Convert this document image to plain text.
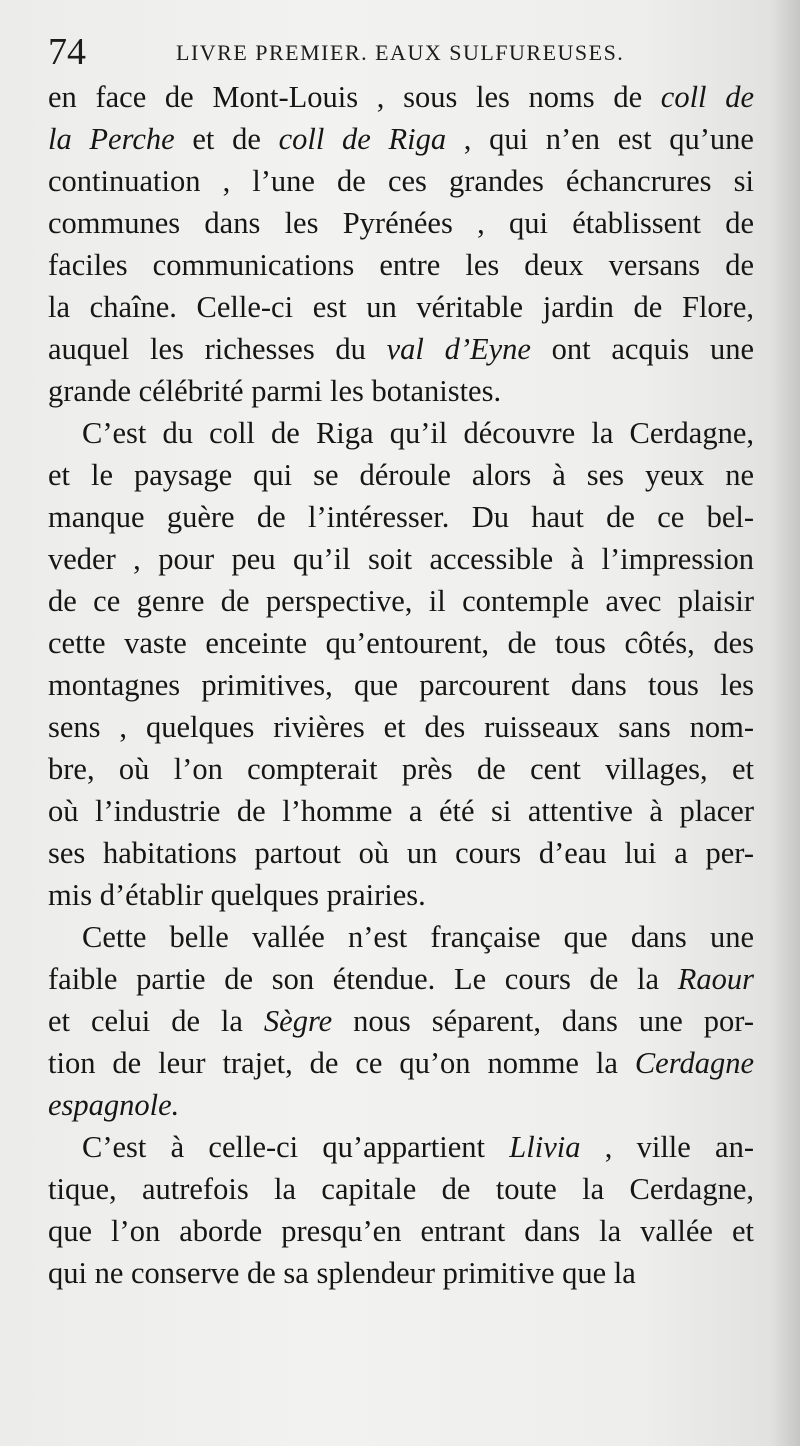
74	LIVRE PREMIER. EAUX SULFUREUSES.
en face de Mont-Louis , sous les noms de coll de
la Perche et de coll de Riga , qui n’en est qu’une
continuation , l’une de ces grandes échancrures si
communes dans les Pyrénées , qui établissent de
faciles communications entre les deux versans de
la chaîne. Celle-ci est un véritable jardin de Flore,
auquel les richesses du val d’Eyne ont acquis une
grande célébrité parmi les botanistes.
C’est du coll de Riga qu’il découvre la Cerdagne,
et le paysage qui se déroule alors à ses yeux ne
manque guère de l’intéresser. Du haut de ce bel-
veder , pour peu qu’il soit accessible à l’impression
de ce genre de perspective, il contemple avec plaisir
cette vaste enceinte qu’entourent, de tous côtés, des
montagnes primitives, que parcourent dans tous les
sens , quelques rivières et des ruisseaux sans nom-
bre, où l’on compterait près de cent villages, et
où l’industrie de l’homme a été si attentive à placer
ses habitations partout où un cours d’eau lui a per-
mis d’établir quelques prairies.
Cette belle vallée n’est française que dans une
faible partie de son étendue. Le cours de la Raour
et celui de la Sègre nous séparent, dans une por-
tion de leur trajet, de ce qu’on nomme la Cerdagne
espagnole.
C’est à celle-ci qu’appartient Llivia , ville an-
tique, autrefois la capitale de toute la Cerdagne,
que l’on aborde presqu’en entrant dans la vallée et
qui ne conserve de sa splendeur primitive que la
